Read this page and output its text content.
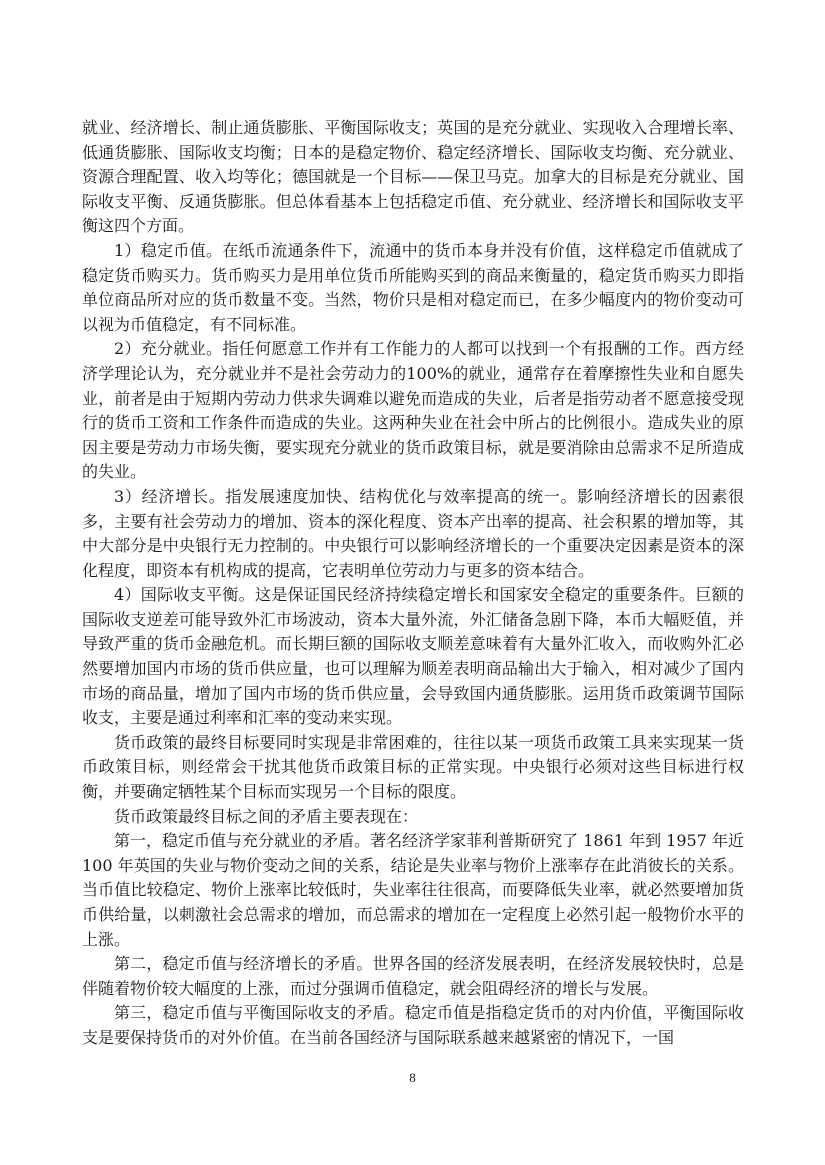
就业、经济增长、制止通货膨胀、平衡国际收支；英国的是充分就业、实现收入合理增长率、低通货膨胀、国际收支均衡；日本的是稳定物价、稳定经济增长、国际收支均衡、充分就业、资源合理配置、收入均等化；德国就是一个目标——保卫马克。加拿大的目标是充分就业、国际收支平衡、反通货膨胀。但总体看基本上包括稳定币值、充分就业、经济增长和国际收支平衡这四个方面。

1）稳定币值。在纸币流通条件下，流通中的货币本身并没有价值，这样稳定币值就成了稳定货币购买力。货币购买力是用单位货币所能购买到的商品来衡量的，稳定货币购买力即指单位商品所对应的货币数量不变。当然，物价只是相对稳定而已，在多少幅度内的物价变动可以视为币值稳定，有不同标准。

2）充分就业。指任何愿意工作并有工作能力的人都可以找到一个有报酬的工作。西方经济学理论认为，充分就业并不是社会劳动力的100%的就业，通常存在着摩擦性失业和自愿失业，前者是由于短期内劳动力供求失调难以避免而造成的失业，后者是指劳动者不愿意接受现行的货币工资和工作条件而造成的失业。这两种失业在社会中所占的比例很小。造成失业的原因主要是劳动力市场失衡，要实现充分就业的货币政策目标，就是要消除由总需求不足所造成的失业。

3）经济增长。指发展速度加快、结构优化与效率提高的统一。影响经济增长的因素很多，主要有社会劳动力的增加、资本的深化程度、资本产出率的提高、社会积累的增加等，其中大部分是中央银行无力控制的。中央银行可以影响经济增长的一个重要决定因素是资本的深化程度，即资本有机构成的提高，它表明单位劳动力与更多的资本结合。

4）国际收支平衡。这是保证国民经济持续稳定增长和国家安全稳定的重要条件。巨额的国际收支逆差可能导致外汇市场波动，资本大量外流，外汇储备急剧下降，本币大幅贬值，并导致严重的货币金融危机。而长期巨额的国际收支顺差意味着有大量外汇收入，而收购外汇必然要增加国内市场的货币供应量，也可以理解为顺差表明商品输出大于输入，相对减少了国内市场的商品量，增加了国内市场的货币供应量，会导致国内通货膨胀。运用货币政策调节国际收支，主要是通过利率和汇率的变动来实现。

货币政策的最终目标要同时实现是非常困难的，往往以某一项货币政策工具来实现某一货币政策目标，则经常会干扰其他货币政策目标的正常实现。中央银行必须对这些目标进行权衡，并要确定牺牲某个目标而实现另一个目标的限度。

货币政策最终目标之间的矛盾主要表现在：

第一，稳定币值与充分就业的矛盾。著名经济学家菲利普斯研究了 1861 年到 1957 年近 100 年英国的失业与物价变动之间的关系，结论是失业率与物价上涨率存在此消彼长的关系。当币值比较稳定、物价上涨率比较低时，失业率往往很高，而要降低失业率，就必然要增加货币供给量，以刺激社会总需求的增加，而总需求的增加在一定程度上必然引起一般物价水平的上涨。

第二，稳定币值与经济增长的矛盾。世界各国的经济发展表明，在经济发展较快时，总是伴随着物价较大幅度的上涨，而过分强调币值稳定，就会阻碍经济的增长与发展。

第三，稳定币值与平衡国际收支的矛盾。稳定币值是指稳定货币的对内价值，平衡国际收支是要保持货币的对外价值。在当前各国经济与国际联系越来越紧密的情况下，一国

8
